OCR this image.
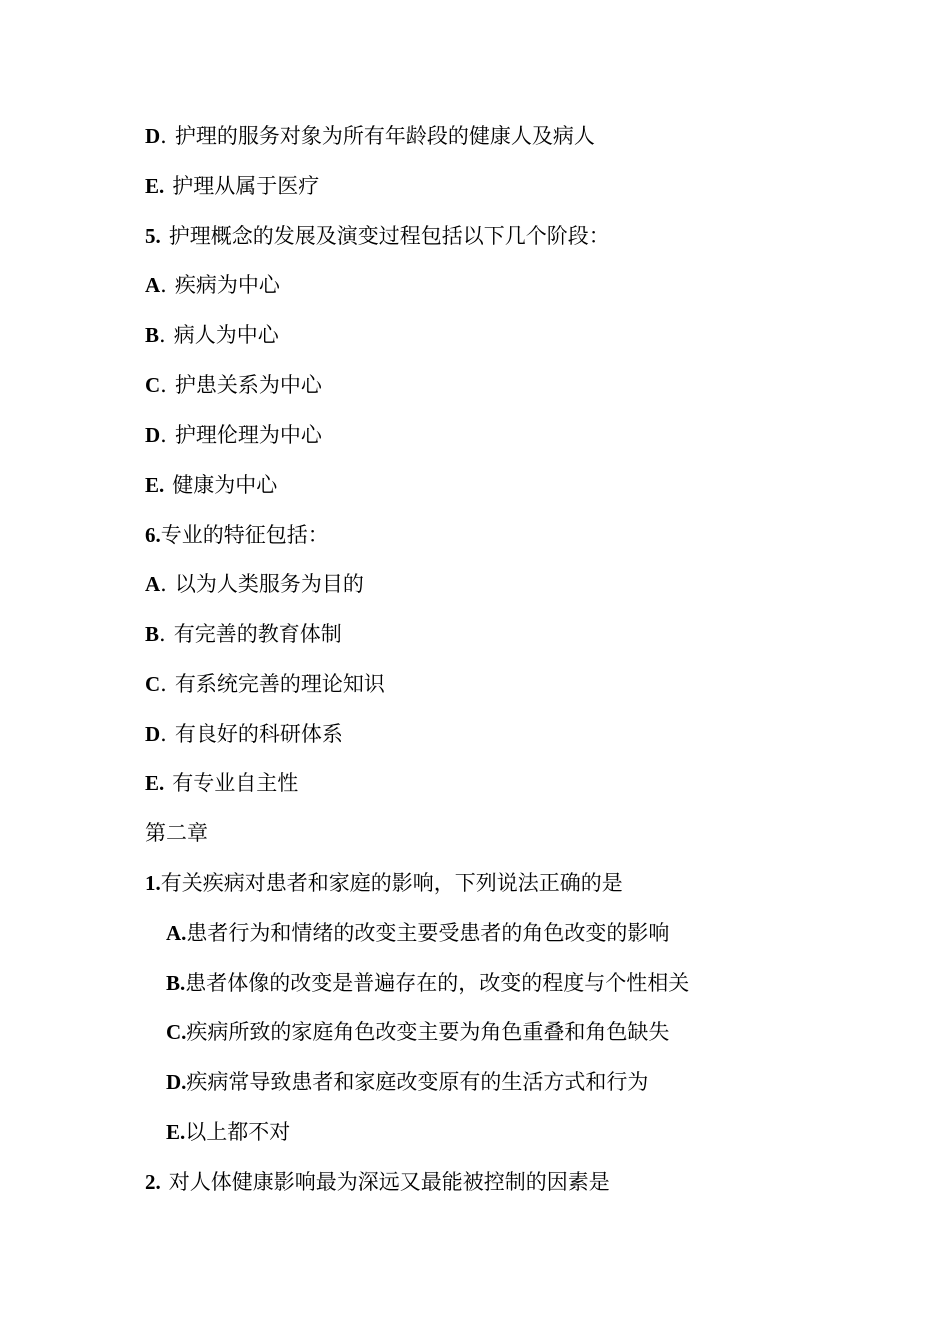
D. 护理的服务对象为所有年龄段的健康人及病人
E. 护理从属于医疗
5. 护理概念的发展及演变过程包括以下几个阶段：
A. 疾病为中心
B. 病人为中心
C. 护患关系为中心
D. 护理伦理为中心
E. 健康为中心
6.专业的特征包括：
A. 以为人类服务为目的
B. 有完善的教育体制
C. 有系统完善的理论知识
D. 有良好的科研体系
E. 有专业自主性
第二章
1.有关疾病对患者和家庭的影响，下列说法正确的是
A.患者行为和情绪的改变主要受患者的角色改变的影响
B.患者体像的改变是普遍存在的，改变的程度与个性相关
C.疾病所致的家庭角色改变主要为角色重叠和角色缺失
D.疾病常导致患者和家庭改变原有的生活方式和行为
E.以上都不对
2. 对人体健康影响最为深远又最能被控制的因素是
